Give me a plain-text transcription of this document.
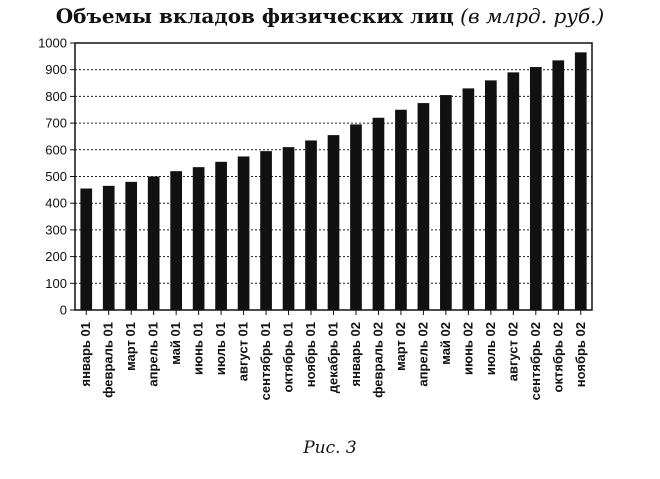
Объемы вкладов физических лиц (в млрд. руб.)
0
100
200
300
400
500
600
700
800
900
1000
январь 01 февраль 01 март 01 апрель 01 май 01 июнь 01 июль 01 август 01 сентябрь 01 октябрь 01 ноябрь 01 декабрь 01 январь 02 февраль 02 март 02 апрель 02 май 02 июнь 02 июль 02 август 02 сентябрь 02 октябрь 02 ноябрь 02
Рис. 3
